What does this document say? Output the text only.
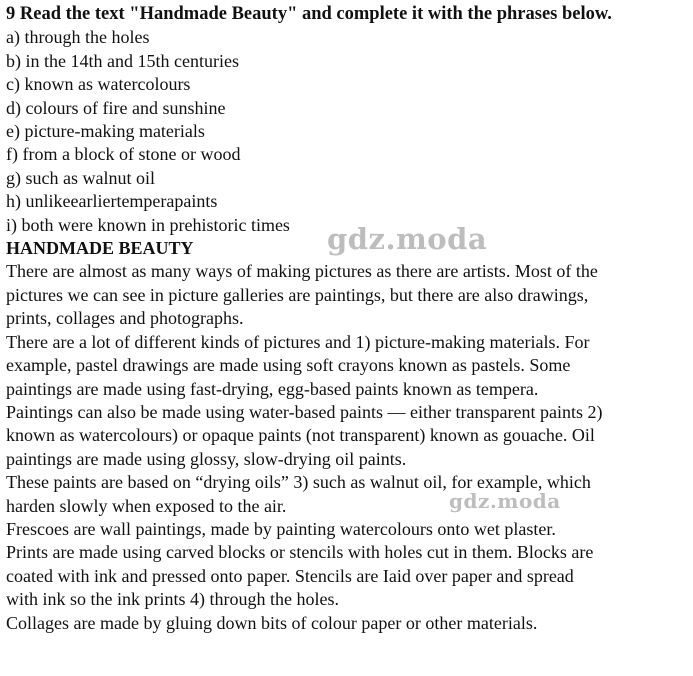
9 Read the text "Handmade Beauty" and complete it with the phrases below.

a) through the holes

b) in the 14th and 15th centuries

c) known as watercolours

d) colours of fire and sunshine

e) picture-making materials

f) from a block of stone or wood

g) such as walnut oil

h) unlikeearliertemperapaints

i) both were known in prehistoric times

HANDMADE BEAUTY

There are almost as many ways of making pictures as there are artists. Most of the

pictures we can see in picture galleries are paintings, but there are also drawings,

prints, collages and photographs.

There are a lot of different kinds of pictures and 1) picture-making materials. For

example, pastel drawings are made using soft crayons known as pastels. Some

paintings are made using fast-drying, egg-based paints known as tempera.

Paintings can also be made using water-based paints — either transparent paints 2)

known as watercolours) or opaque paints (not transparent) known as gouache. Oil

paintings are made using glossy, slow-drying oil paints.

These paints are based on “drying oils” 3) such as walnut oil, for example, which

harden slowly when exposed to the air.

Frescoes are wall paintings, made by painting watercolours onto wet plaster.

Prints are made using carved blocks or stencils with holes cut in them. Blocks are

coated with ink and pressed onto paper. Stencils are Iaid over paper and spread

with ink so the ink prints 4) through the holes.

Collages are made by gluing down bits of colour paper or other materials.

gdz.moda
gdz.moda
